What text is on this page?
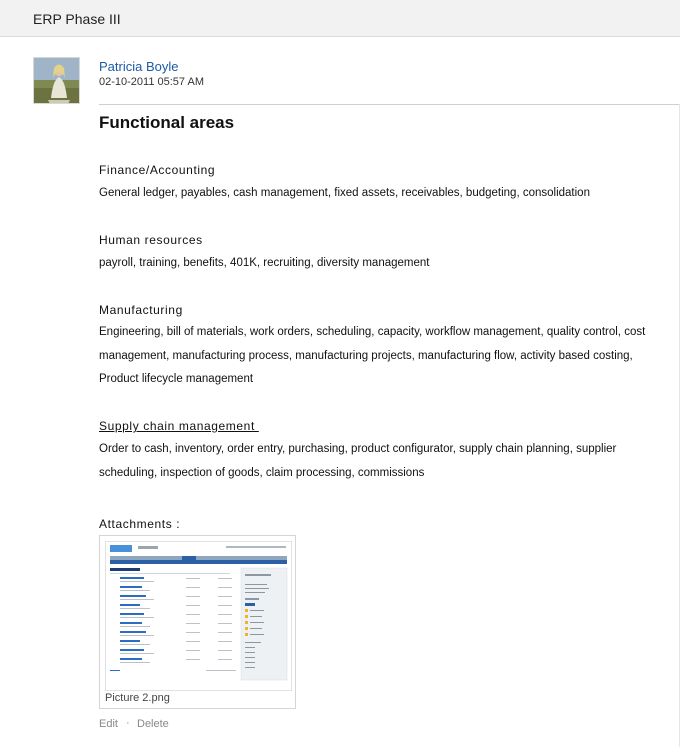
ERP Phase III
Patricia Boyle
02-10-2011 05:57 AM
Functional areas
Finance/Accounting
General ledger, payables, cash management, fixed assets, receivables, budgeting, consolidation
Human resources
payroll, training, benefits, 401K, recruiting, diversity management
Manufacturing
Engineering, bill of materials, work orders, scheduling, capacity, workflow management, quality control, cost management, manufacturing process, manufacturing projects, manufacturing flow, activity based costing, Product lifecycle management
Supply chain management
Order to cash, inventory, order entry, purchasing, product configurator, supply chain planning, supplier scheduling, inspection of goods, claim processing, commissions
Attachments :
Picture 2.png
Edit · Delete
